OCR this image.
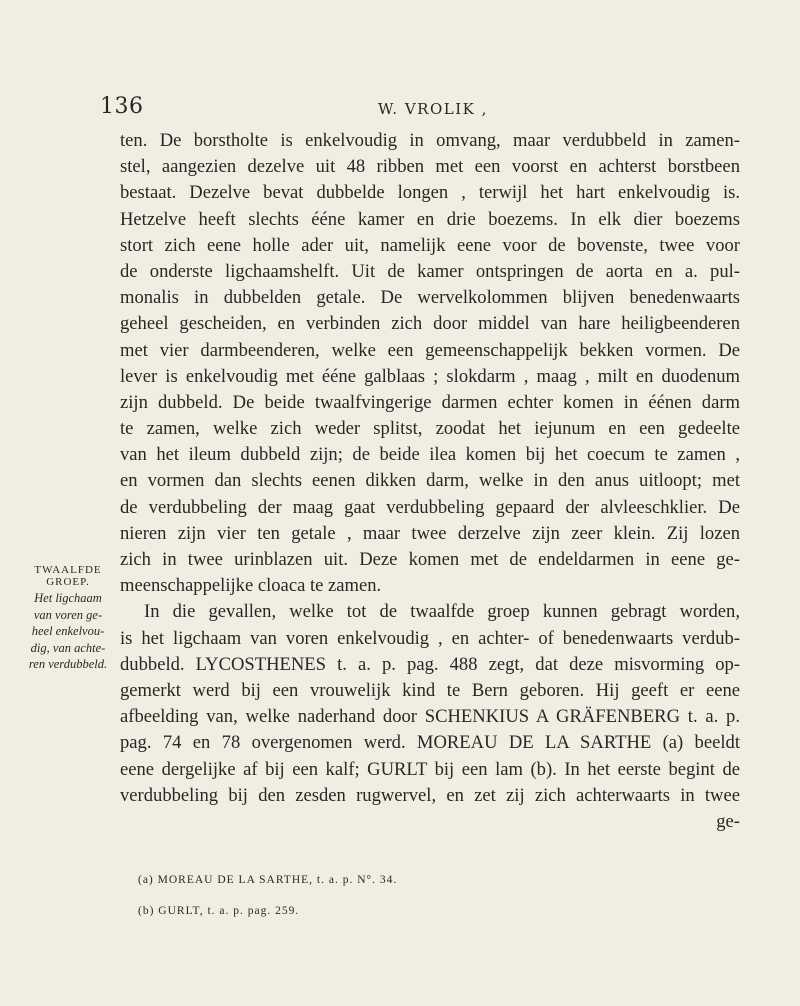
136	W. VROLIK ,
TWAALFDE
GROEP.
Het ligchaam
van voren ge-
heel enkelvou-
dig, van achte-
ren verdubbeld.
ten. De borstholte is enkelvoudig in omvang, maar verdubbeld in zamen-
stel, aangezien dezelve uit 48 ribben met een voorst en achterst borstbeen
bestaat. Dezelve bevat dubbelde longen , terwijl het hart enkelvoudig is.
Hetzelve heeft slechts ééne kamer en drie boezems. In elk dier boezems
stort zich eene holle ader uit, namelijk eene voor de bovenste, twee voor
de onderste ligchaamshelft. Uit de kamer ontspringen de aorta en a. pul-
monalis in dubbelden getale. De wervelkolommen blijven benedenwaarts
geheel gescheiden, en verbinden zich door middel van hare heiligbeenderen
met vier darmbeenderen, welke een gemeenschappelijk bekken vormen. De
lever is enkelvoudig met ééne galblaas ; slokdarm , maag , milt en duodenum
zijn dubbeld. De beide twaalfvingerige darmen echter komen in éénen darm
te zamen, welke zich weder splitst, zoodat het iejunum en een gedeelte
van het ileum dubbeld zijn; de beide ilea komen bij het coecum te zamen ,
en vormen dan slechts eenen dikken darm, welke in den anus uitloopt; met
de verdubbeling der maag gaat verdubbeling gepaard der alvleeschklier. De
nieren zijn vier ten getale , maar twee derzelve zijn zeer klein. Zij lozen
zich in twee urinblazen uit. Deze komen met de endeldarmen in eene ge-
meenschappelijke cloaca te zamen.
In die gevallen, welke tot de twaalfde groep kunnen gebragt worden,
is het ligchaam van voren enkelvoudig , en achter- of benedenwaarts verdub-
dubbeld. LYCOSTHENES t. a. p. pag. 488 zegt, dat deze misvorming op-
gemerkt werd bij een vrouwelijk kind te Bern geboren. Hij geeft er eene
afbeelding van, welke naderhand door SCHENKIUS A GRÄFENBERG t. a. p.
pag. 74 en 78 overgenomen werd. MOREAU DE LA SARTHE (a) beeldt
eene dergelijke af bij een kalf; GURLT bij een lam (b). In het eerste begint de
verdubbeling bij den zesden rugwervel, en zet zij zich achterwaarts in twee
ge-
(a) MOREAU DE LA SARTHE, t. a. p. N°. 34.
(b) GURLT, t. a. p. pag. 259.
